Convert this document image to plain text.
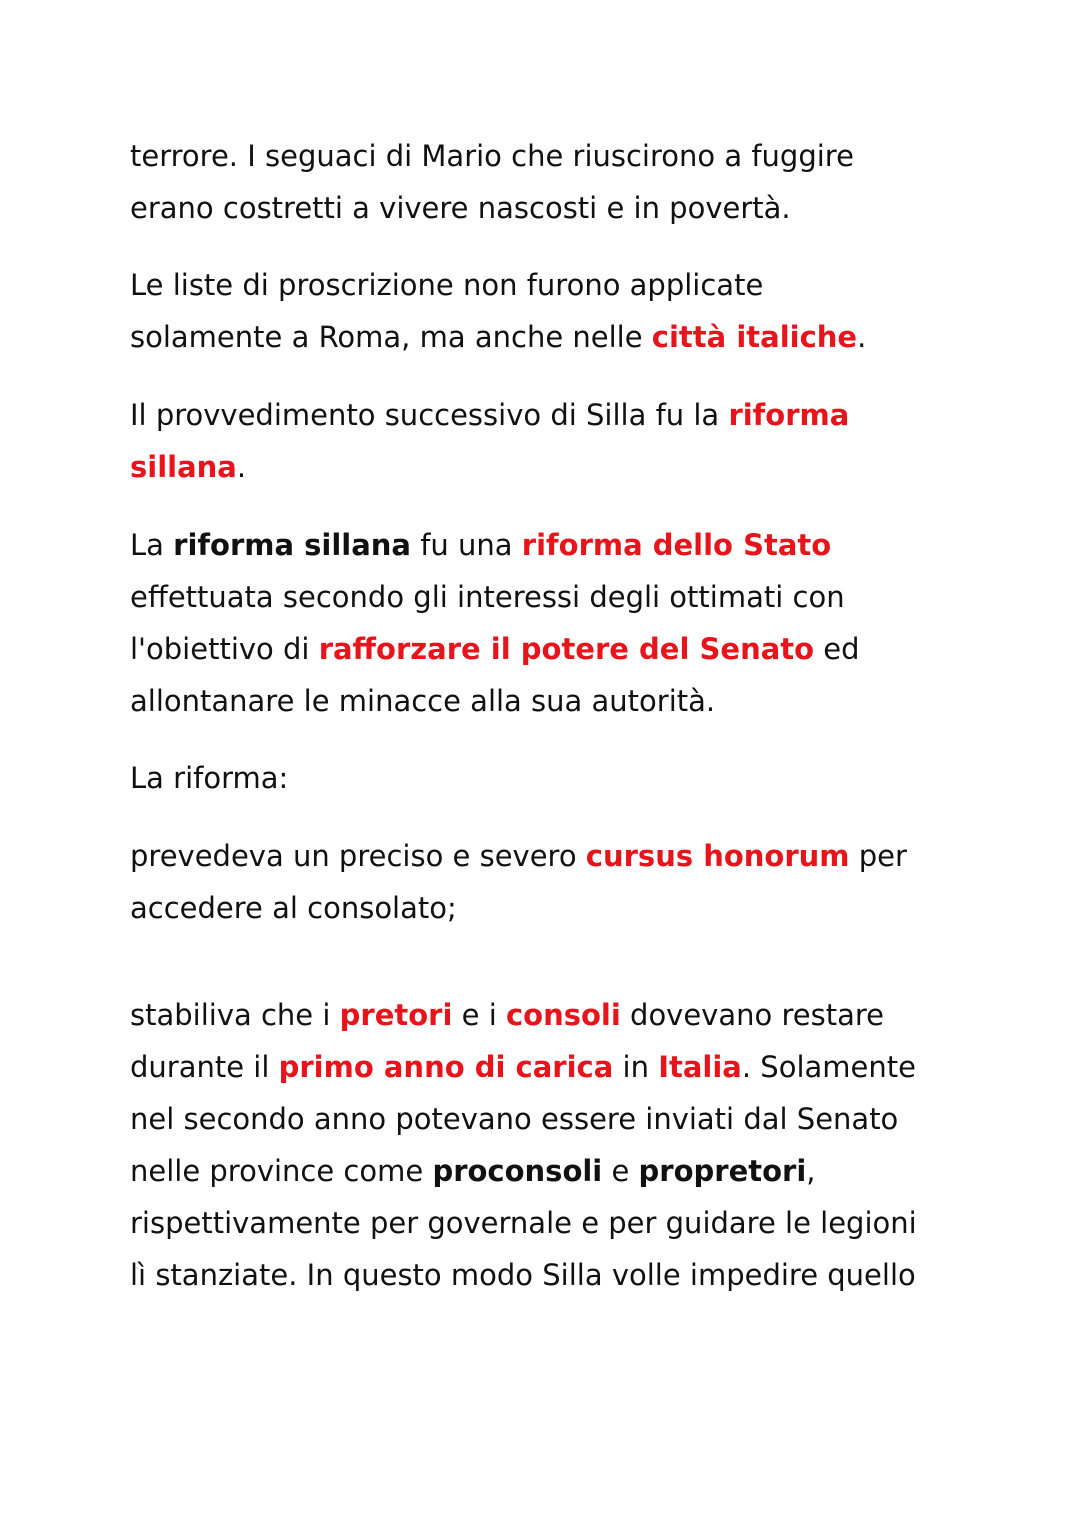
terrore. I seguaci di Mario che riuscirono a fuggire
erano costretti a vivere nascosti e in povertà.
Le liste di proscrizione non furono applicate
solamente a Roma, ma anche nelle città italiche.
Il provvedimento successivo di Silla fu la riforma
sillana.
La riforma sillana fu una riforma dello Stato
effettuata secondo gli interessi degli ottimati con
l'obiettivo di rafforzare il potere del Senato ed
allontanare le minacce alla sua autorità.
La riforma:
prevedeva un preciso e severo cursus honorum per
accedere al consolato;
stabiliva che i pretori e i consoli dovevano restare
durante il primo anno di carica in Italia. Solamente
nel secondo anno potevano essere inviati dal Senato
nelle province come proconsoli e propretori,
rispettivamente per governale e per guidare le legioni
lì stanziate. In questo modo Silla volle impedire quello
